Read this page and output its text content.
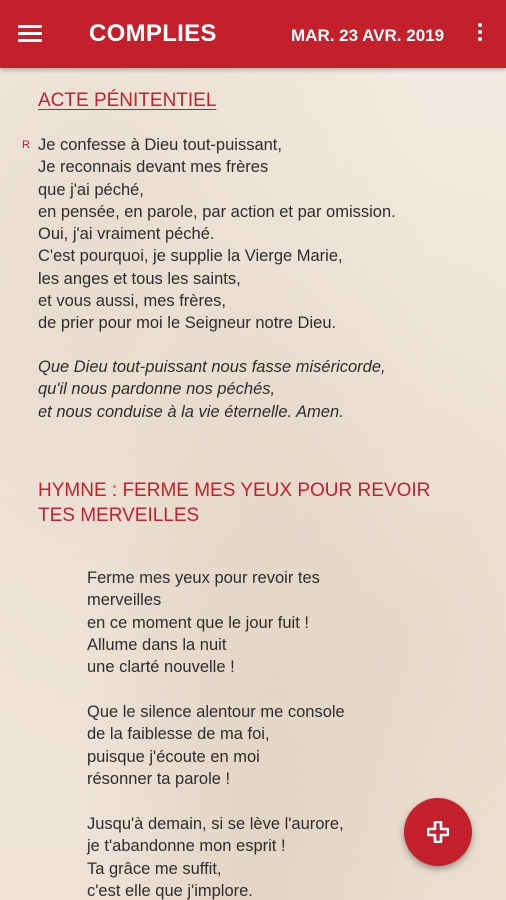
COMPLIES	MAR. 23 AVR. 2019
ACTE PÉNITENTIEL
R Je confesse à Dieu tout-puissant,
Je reconnais devant mes frères
que j'ai péché,
en pensée, en parole, par action et par omission.
Oui, j'ai vraiment péché.
C'est pourquoi, je supplie la Vierge Marie,
les anges et tous les saints,
et vous aussi, mes frères,
de prier pour moi le Seigneur notre Dieu.
Que Dieu tout-puissant nous fasse miséricorde,
qu'il nous pardonne nos péchés,
et nous conduise à la vie éternelle. Amen.
HYMNE : FERME MES YEUX POUR REVOIR TES MERVEILLES
Ferme mes yeux pour revoir tes
merveilles
en ce moment que le jour fuit !
Allume dans la nuit
une clarté nouvelle !
Que le silence alentour me console
de la faiblesse de ma foi,
puisque j'écoute en moi
résonner ta parole !
Jusqu'à demain, si se lève l'aurore,
je t'abandonne mon esprit !
Ta grâce me suffit,
c'est elle que j'implore.
